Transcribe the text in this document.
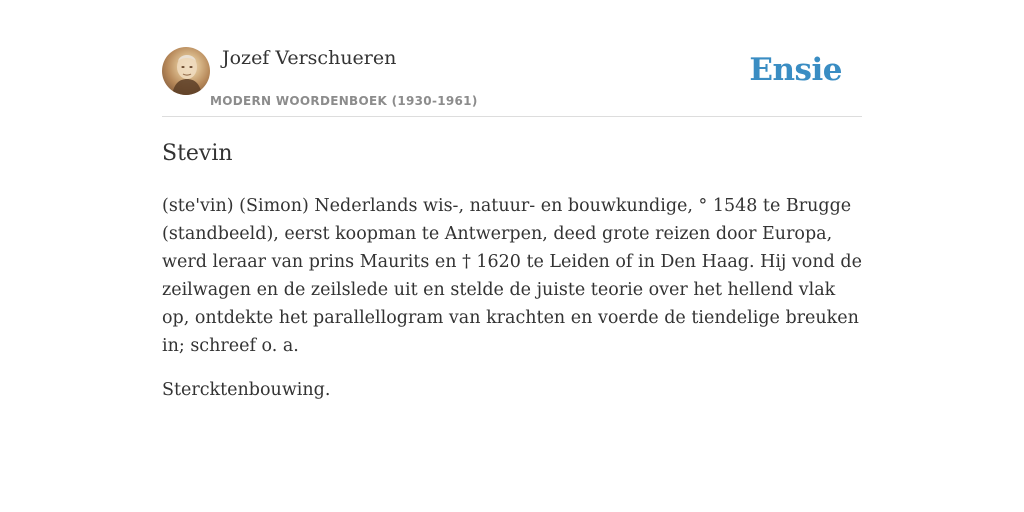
Jozef Verschueren
MODERN WOORDENBOEK (1930-1961)
Ensie
Stevin

(ste'vin) (Simon) Nederlands wis-, natuur- en bouwkundige, ° 1548 te Brugge (standbeeld), eerst koopman te Antwerpen, deed grote reizen door Europa, werd leraar van prins Maurits en † 1620 te Leiden of in Den Haag. Hij vond de zeilwagen en de zeilslede uit en stelde de juiste teorie over het hellend vlak op, ontdekte het parallellogram van krachten en voerde de tiendelige breuken in; schreef o. a.

Stercktenbouwing.
